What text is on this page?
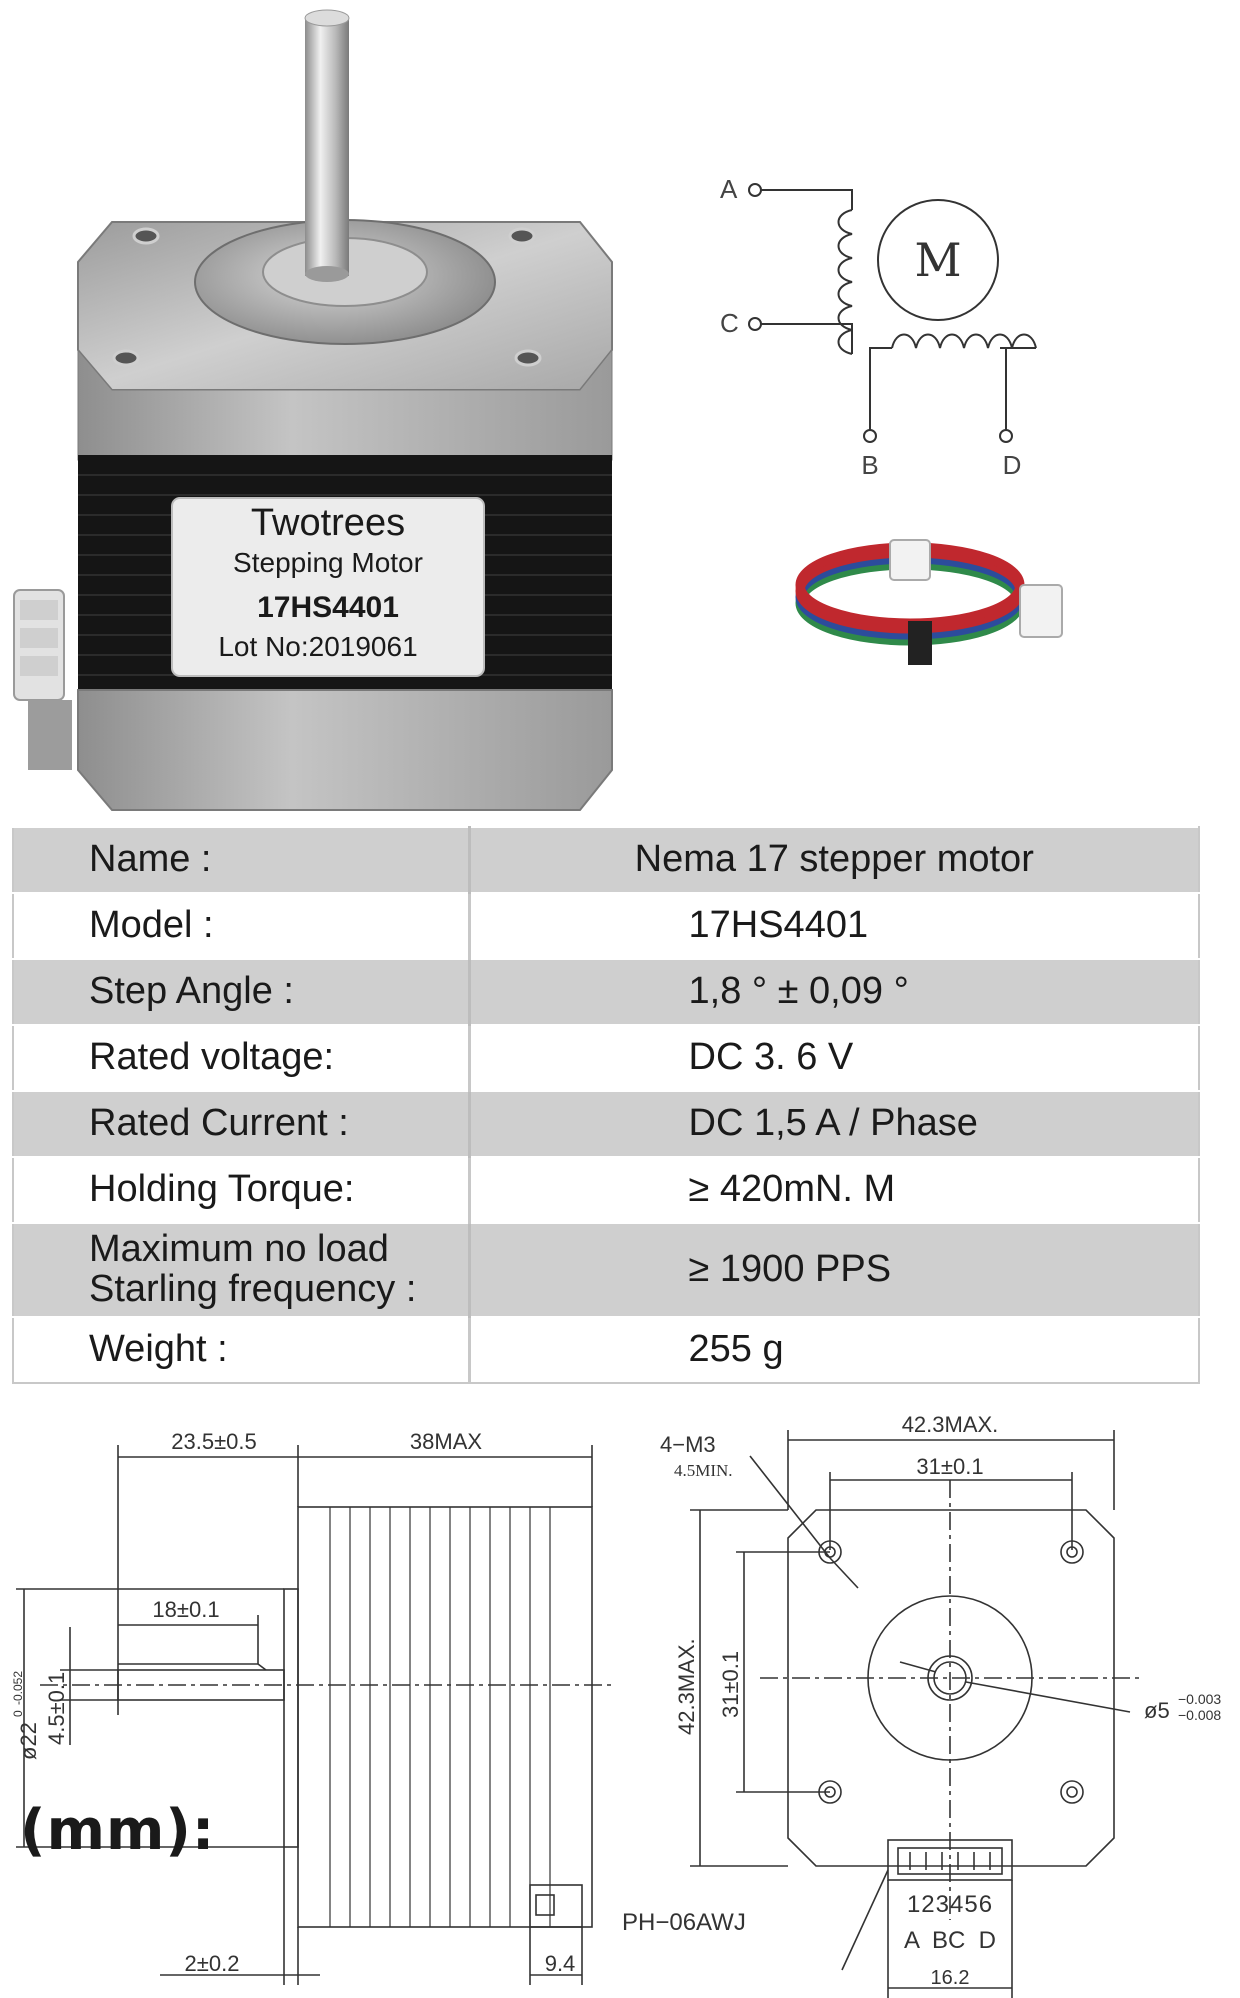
Twotrees
Stepping Motor
17HS4401
Lot No:2019061
A
C
M
B	D
Name :	Nema 17 stepper motor
Model :	17HS4401
Step Angle :	1,8 ° ± 0,09 °
Rated voltage:	DC 3. 6 V
Rated Current :	DC 1,5 A / Phase
Holding Torque:	≥ 420mN. M

Maximum no load
Starling frequency :	≥ 1900 PPS
Weight :	255 g
23.5±0.5	38MAX
18±0.1
ø22
0
-0.052 4.5±0.1
9.4
2±0.2
42.3MAX.
31±0.1
4−M3
4.5MIN.
ø5 −0.003
−0.008
42.3MAX. 31±0.1
PH−06AWJ
123456
A  BC  D
16.2
(mm):
